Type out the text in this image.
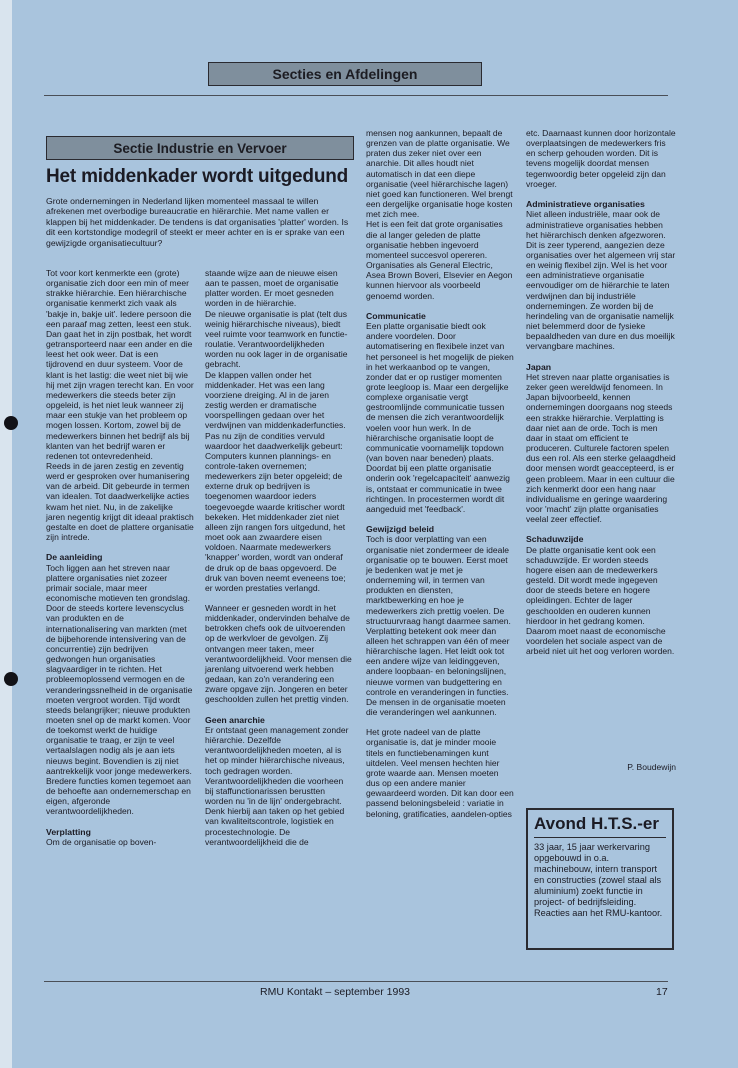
Secties en Afdelingen
Sectie Industrie en Vervoer
Het middenkader wordt uitgedund
Grote ondernemingen in Nederland lijken momenteel massaal te willen afrekenen met overbodige bureaucratie en hiërarchie. Met name vallen er klappen bij het middenkader. De tendens is dat organisaties 'platter' worden. Is dit een kortstondige modegril of steekt er meer achter en is er sprake van een gewijzigde organisatiecultuur?

Tot voor kort kenmerkte een (grote) organisatie zich door een min of meer strakke hiërarchie. Een hiërarchische organisatie kenmerkt zich vaak als 'bakje in, bakje uit'. Iedere persoon die een paraaf mag zetten, leest een stuk. Dan gaat het in zijn postbak, het wordt getransporteerd naar een ander en die leest het ook weer. Dat is een tijdrovend en duur systeem. Voor de klant is het lastig: die weet niet bij wie hij met zijn vragen terecht kan. En voor medewerkers die steeds beter zijn opgeleid, is het niet leuk wanneer zij maar een stukje van het probleem op mogen lossen. Kortom, zowel bij de medewerkers binnen het bedrijf als bij klanten van het bedrijf waren er redenen tot ontevredenheid.

Reeds in de jaren zestig en zeventig werd er gesproken over humanisering van de arbeid. Dit gebeurde in termen van idealen. Tot daadwerkelijke acties kwam het niet. Nu, in de zakelijke jaren negentig krijgt dit ideaal praktisch gestalte en doet de plattere organisatie zijn intrede.

De aanleiding

Toch liggen aan het streven naar plattere organisaties niet zozeer primair sociale, maar meer economische motieven ten grondslag.

Door de steeds kortere levenscyclus van produkten en de internationalisering van markten (met de bijbehorende intensivering van de concurrentie) zijn bedrijven gedwongen hun organisaties slagvaardiger in te richten. Het probleemoplossend vermogen en de veranderingssnelheid in de organisatie moeten vergroot worden. Tijd wordt steeds belangrijker; nieuwe produkten moeten snel op de markt komen. Voor de toekomst werkt de huidige organisatie te traag, er zijn te veel vertaalslagen nodig als je aan iets nieuws begint. Bovendien is zij niet aantrekkelijk voor jonge medewerkers. Bredere functies komen tegemoet aan de behoefte aan ondernemerschap en eigen, afgeronde verantwoordelijkheden.

Verplatting

Om de organisatie op boven-

staande wijze aan de nieuwe eisen aan te passen, moet de organisatie platter worden. Er moet gesneden worden in de hiërarchie.

De nieuwe organisatie is plat (telt dus weinig hiërarchische niveaus), biedt veel ruimte voor teamwork en functie-roulatie. Verantwoordelijkheden worden nu ook lager in de organisatie gebracht.

De klappen vallen onder het middenkader. Het was een lang voorziene dreiging. Al in de jaren zestig werden er dramatische voorspellingen gedaan over het verdwijnen van middenkaderfuncties. Pas nu zijn de condities vervuld waardoor het daadwerkelijk gebeurt: Computers kunnen plannings- en controle-taken overnemen; medewerkers zijn beter opgeleid; de externe druk op bedrijven is toegenomen waardoor ieders toegevoegde waarde kritischer wordt bekeken. Het middenkader ziet niet alleen zijn rangen fors uitgedund, het moet ook aan zwaardere eisen voldoen. Naarmate medewerkers 'knapper' worden, wordt van onderaf de druk op de baas opgevoerd. De druk van boven neemt eveneens toe; er worden prestaties verlangd.

Wanneer er gesneden wordt in het middenkader, ondervinden behalve de betrokken chefs ook de uitvoerenden op de werkvloer de gevolgen. Zij ontvangen meer taken, meer verantwoordelijkheid. Voor mensen die jarenlang uitvoerend werk hebben gedaan, kan zo'n verandering een zware opgave zijn. Jongeren en beter geschoolden zullen het prettig vinden.

Geen anarchie

Er ontstaat geen management zonder hiërarchie. Dezelfde verantwoordelijkheden moeten, al is het op minder hiërarchische niveaus, toch gedragen worden. Verantwoordelijkheden die voorheen bij staffunctionarissen berustten worden nu 'in de lijn' ondergebracht. Denk hierbij aan taken op het gebied van kwaliteitscontrole, logistiek en procestechnologie. De verantwoordelijkheid die de

mensen nog aankunnen, bepaalt de grenzen van de platte organisatie. We praten dus zeker niet over een anarchie. Dit alles houdt niet automatisch in dat een diepe organisatie (veel hiërarchische lagen) niet goed kan functioneren. Wel brengt een dergelijke organisatie hoge kosten met zich mee.

Het is een feit dat grote organisaties die al langer geleden de platte organisatie hebben ingevoerd momenteel succesvol opereren. Organisaties als General Electric, Asea Brown Boveri, Elsevier en Aegon kunnen hiervoor als voorbeeld genoemd worden.

Communicatie

Een platte organisatie biedt ook andere voordelen. Door automatisering en flexibele inzet van het personeel is het mogelijk de pieken in het werkaanbod op te vangen, zonder dat er op rustiger momenten grote leegloop is. Maar een dergelijke complexe organisatie vergt gestroomlijnde communicatie tussen de mensen die zich verantwoordelijk voelen voor hun werk. In de hiërarchische organisatie loopt de communicatie voornamelijk topdown (van boven naar beneden) plaats. Doordat bij een platte organisatie onderin ook 'regelcapaciteit' aanwezig is, ontstaat er communicatie in twee richtingen. In procestermen wordt dit aangeduid met 'feedback'.

Gewijzigd beleid

Toch is door verplatting van een organisatie niet zondermeer de ideale organisatie op te bouwen. Eerst moet je bedenken wat je met je onderneming wil, in termen van produkten en diensten, marktbewerking en hoe je medewerkers zich prettig voelen. De structuurvraag hangt daarmee samen. Verplatting betekent ook meer dan alleen het schrappen van één of meer hiërarchische lagen. Het leidt ook tot een andere wijze van leidinggeven, andere loopbaan- en beloningslijnen, nieuwe vormen van budgettering en controle en veranderingen in functies. De mensen in de organisatie moeten die veranderingen wel aankunnen.

Het grote nadeel van de platte organisatie is, dat je minder mooie titels en functiebenamingen kunt uitdelen. Veel mensen hechten hier grote waarde aan. Mensen moeten dus op een andere manier gewaardeerd worden. Dit kan door een passend beloningsbeleid : variatie in beloning, gratificaties, aandelen-opties

etc. Daarnaast kunnen door horizontale overplaatsingen de medewerkers fris en scherp gehouden worden. Dit is tevens mogelijk doordat mensen tegenwoordig beter opgeleid zijn dan vroeger.

Administratieve organisaties

Niet alleen industriële, maar ook de administratieve organisaties hebben het hiërarchisch denken afgezworen. Dit is zeer typerend, aangezien deze organisaties over het algemeen vrij star en weinig flexibel zijn. Wel is het voor een administratieve organisatie eenvoudiger om de hiërarchie te laten verdwijnen dan bij industriële ondernemingen. Ze worden bij de herindeling van de organisatie namelijk niet belemmerd door de fysieke bepaaldheden van dure en dus moeilijk vervangbare machines.

Japan

Het streven naar platte organisaties is zeker geen wereldwijd fenomeen. In Japan bijvoorbeeld, kennen ondernemingen doorgaans nog steeds een strakke hiërarchie. Verplatting is daar niet aan de orde. Toch is men daar in staat om efficient te produceren. Culturele factoren spelen dus een rol. Als een sterke gelaagdheid door mensen wordt geaccepteerd, is er geen probleem. Maar in een cultuur die zich kenmerkt door een hang naar individualisme en geringe waardering voor 'macht' zijn platte organisaties veelal zeer effectief.

Schaduwzijde

De platte organisatie kent ook een schaduwzijde. Er worden steeds hogere eisen aan de medewerkers gesteld. Dit wordt mede ingegeven door de steeds betere en hogere opleidingen. Echter de lager geschoolden en ouderen kunnen hierdoor in het gedrang komen. Daarom moet naast de economische voordelen het sociale aspect van de arbeid niet uit het oog verloren worden.

P. Boudewijn

Avond H.T.S.-er
33 jaar, 15 jaar werkervaring opgebouwd in o.a. machinebouw, intern transport en constructies (zowel staal als aluminium) zoekt functie in project- of bedrijfsleiding. Reacties aan het RMU-kantoor.
RMU Kontakt – september 1993	17
